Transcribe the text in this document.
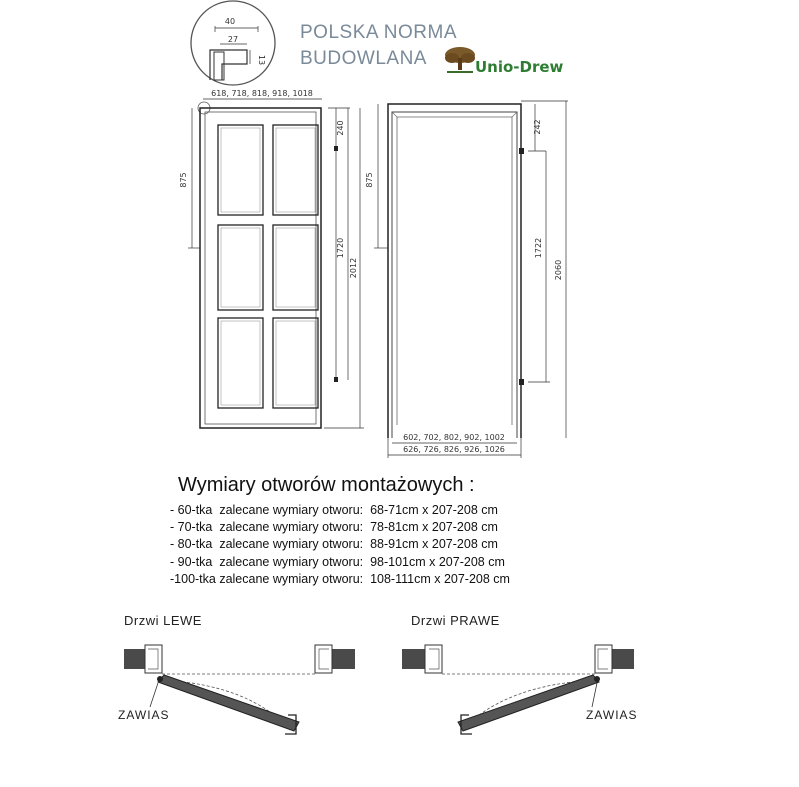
40
27
13
618, 718, 818, 918, 1018
875
240
1720
2012
875
242
1722
2060
602, 702, 802, 902, 1002
626, 726, 826, 926, 1026
POLSKA NORMA
BUDOWLANA	Unio-Drew
Wymiary otworów montażowych :
- 60-tka  zalecane wymiary otworu:  68-71cm x 207-208 cm
- 70-tka  zalecane wymiary otworu:  78-81cm x 207-208 cm
- 80-tka  zalecane wymiary otworu:  88-91cm x 207-208 cm
- 90-tka  zalecane wymiary otworu:  98-101cm x 207-208 cm
-100-tka zalecane wymiary otworu:  108-111cm x 207-208 cm
Drzwi LEWE	Drzwi PRAWE
ZAWIAS	ZAWIAS
